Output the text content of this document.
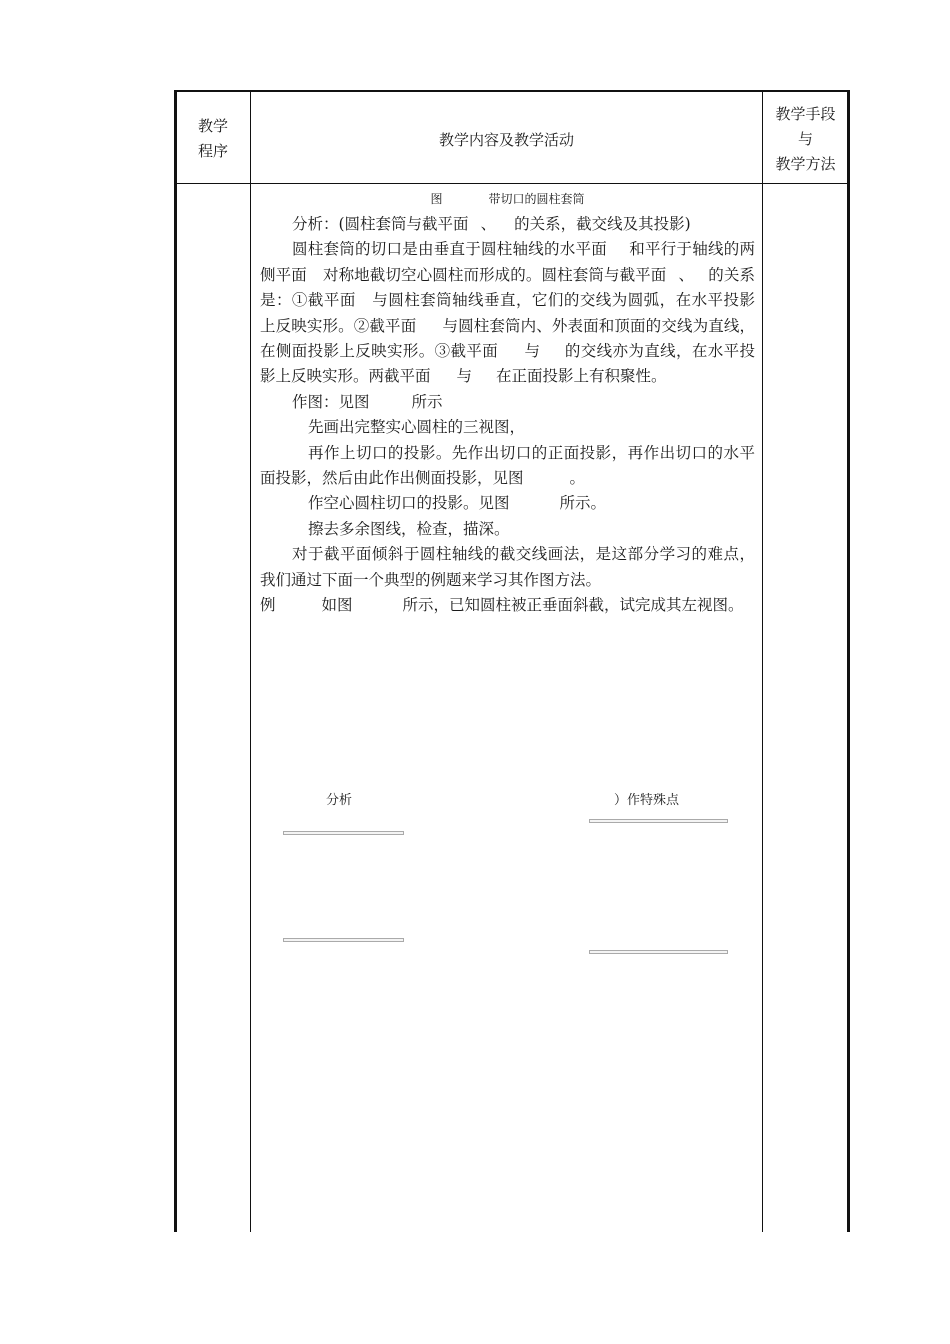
教学
程序
教学内容及教学活动
教学手段
与
教学方法
图	带切口的圆柱套筒

分析：(圆柱套筒与截平面 、 的关系，截交线及其投影)

圆柱套筒的切口是由垂直于圆柱轴线的水平面 和平行于轴线的两侧平面 对称地截切空心圆柱而形成的。圆柱套筒与截平面 、 的关系是：①截平面 与圆柱套筒轴线垂直，它们的交线为圆弧，在水平投影上反映实形。②截平面 与圆柱套筒内、外表面和顶面的交线为直线，在侧面投影上反映实形。③截平面 与 的交线亦为直线，在水平投影上反映实形。两截平面 与 在正面投影上有积聚性。

作图：见图	所示

先画出完整实心圆柱的三视图，

再作上切口的投影。先作出切口的正面投影，再作出切口的水平面投影，然后由此作出侧面投影，见图	。

作空心圆柱切口的投影。见图	所示。

擦去多余图线，检查，描深。

对于截平面倾斜于圆柱轴线的截交线画法，是这部分学习的难点，我们通过下面一个典型的例题来学习其作图方法。

例	如图	所示，已知圆柱被正垂面斜截，试完成其左视图。

分析	）作特殊点
